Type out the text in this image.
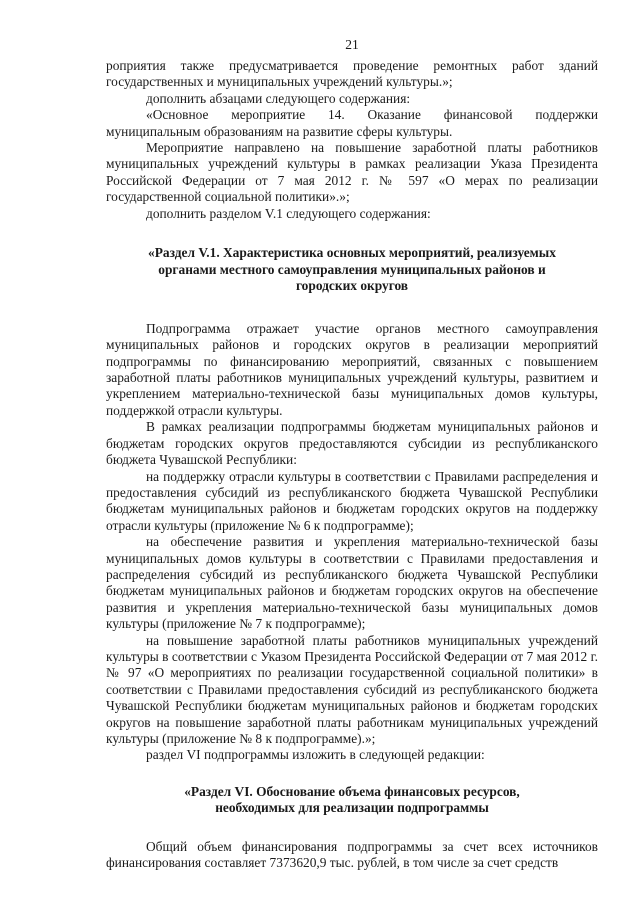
21

роприятия также предусматривается проведение ремонтных работ зданий государственных и муниципальных учреждений культуры.»;

дополнить абзацами следующего содержания:

«Основное мероприятие 14. Оказание финансовой поддержки муниципальным образованиям на развитие сферы культуры.

Мероприятие направлено на повышение заработной платы работников муниципальных учреждений культуры в рамках реализации Указа Президента Российской Федерации от 7 мая 2012 г. № 597 «О мерах по реализации государственной социальной политики».»;

дополнить разделом V.1 следующего содержания:

«Раздел V.1. Характеристика основных мероприятий, реализуемых органами местного самоуправления муниципальных районов и городских округов

Подпрограмма отражает участие органов местного самоуправления муниципальных районов и городских округов в реализации мероприятий подпрограммы по финансированию мероприятий, связанных с повышением заработной платы работников муниципальных учреждений культуры, развитием и укреплением материально-технической базы муниципальных домов культуры, поддержкой отрасли культуры.

В рамках реализации подпрограммы бюджетам муниципальных районов и бюджетам городских округов предоставляются субсидии из республиканского бюджета Чувашской Республики:

на поддержку отрасли культуры в соответствии с Правилами распределения и предоставления субсидий из республиканского бюджета Чувашской Республики бюджетам муниципальных районов и бюджетам городских округов на поддержку отрасли культуры (приложение № 6 к подпрограмме);

на обеспечение развития и укрепления материально-технической базы муниципальных домов культуры в соответствии с Правилами предоставления и распределения субсидий из республиканского бюджета Чувашской Республики бюджетам муниципальных районов и бюджетам городских округов на обеспечение развития и укрепления материально-технической базы муниципальных домов культуры (приложение № 7 к подпрограмме);

на повышение заработной платы работников муниципальных учреждений культуры в соответствии с Указом Президента Российской Федерации от 7 мая 2012 г. № 97 «О мероприятиях по реализации государственной социальной политики» в соответствии с Правилами предоставления субсидий из республиканского бюджета Чувашской Республики бюджетам муниципальных районов и бюджетам городских округов на повышение заработной платы работникам муниципальных учреждений культуры (приложение № 8 к подпрограмме).»;

раздел VI подпрограммы изложить в следующей редакции:

«Раздел VI. Обоснование объема финансовых ресурсов, необходимых для реализации подпрограммы

Общий объем финансирования подпрограммы за счет всех источников финансирования составляет 7373620,9 тыс. рублей, в том числе за счет средств
